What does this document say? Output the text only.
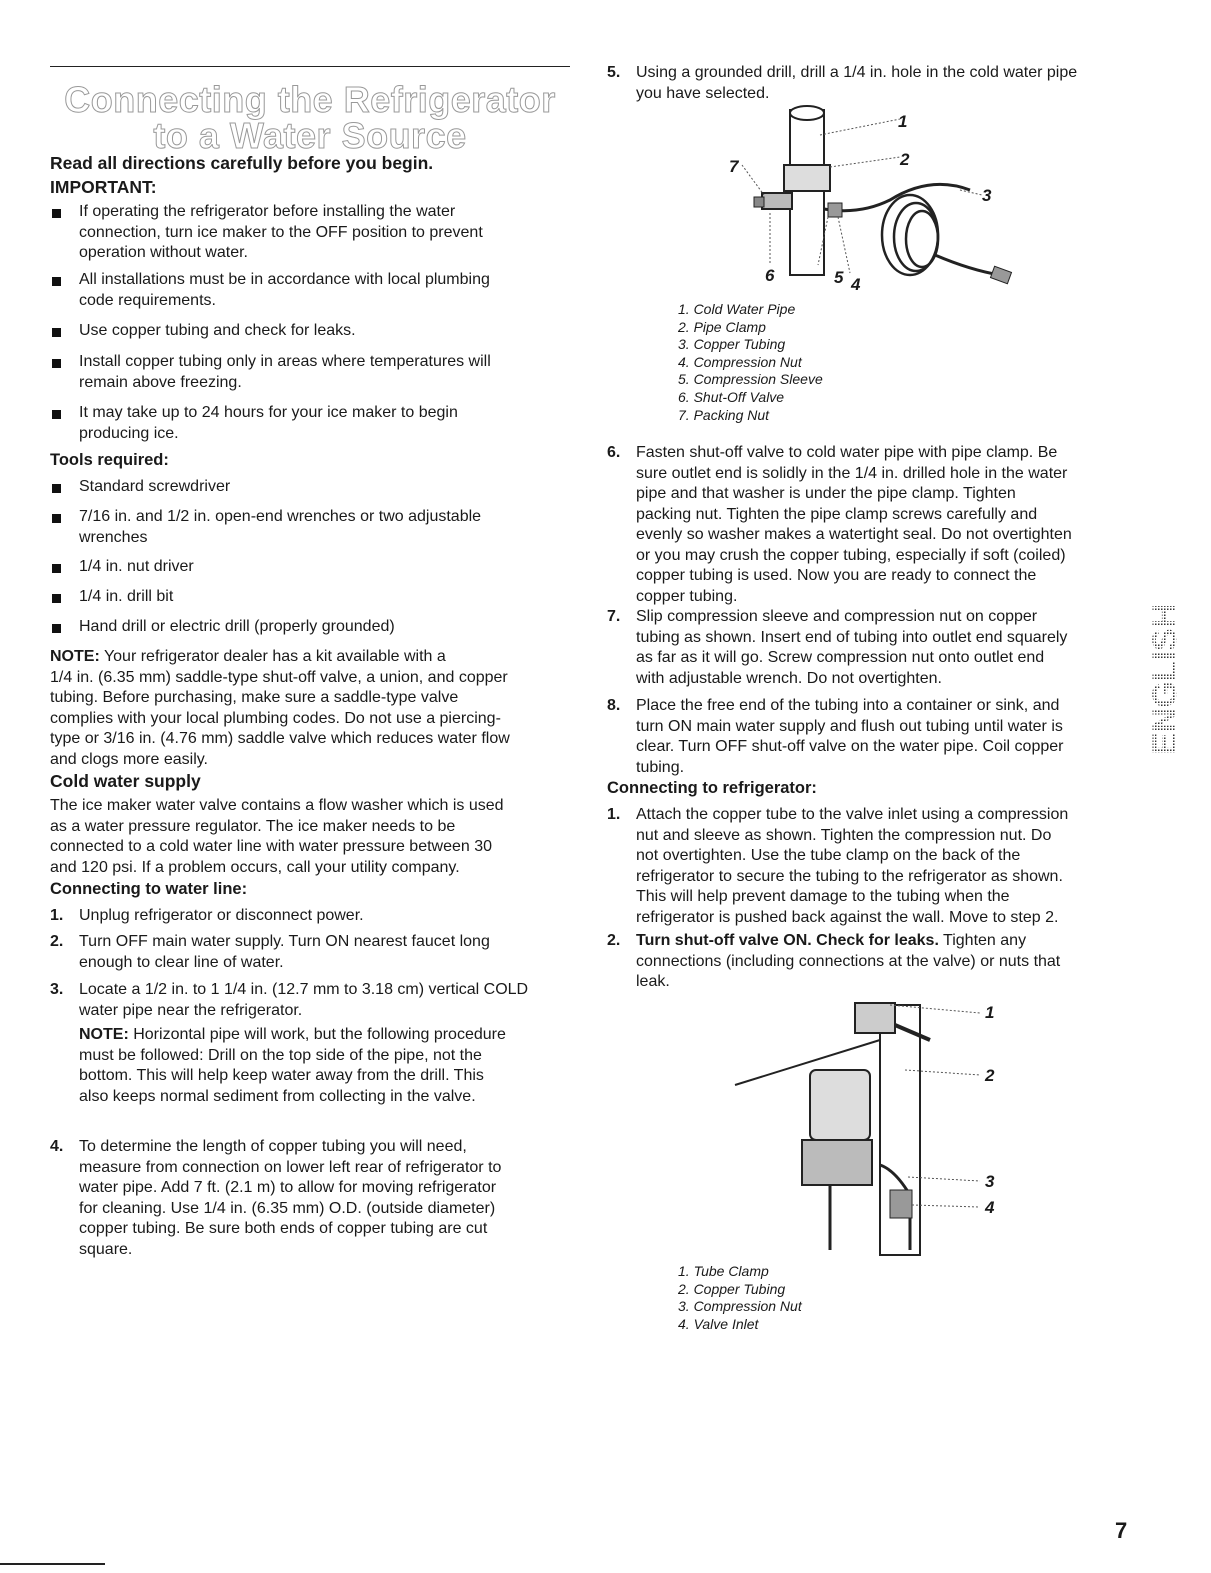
Connecting the Refrigerator
to a Water Source
Read all directions carefully before you begin.
IMPORTANT:
If operating the refrigerator before installing the water
connection, turn ice maker to the OFF position to prevent
operation without water.
All installations must be in accordance with local plumbing
code requirements.
Use copper tubing and check for leaks.
Install copper tubing only in areas where temperatures will
remain above freezing.
It may take up to 24 hours for your ice maker to begin
producing ice.
Tools required:
Standard screwdriver
7/16 in. and 1/2 in. open-end wrenches or two adjustable
wrenches
1/4 in. nut driver
1/4 in. drill bit
Hand drill or electric drill (properly grounded)
NOTE: Your refrigerator dealer has a kit available with a
1/4 in. (6.35 mm) saddle-type shut-off valve, a union, and copper
tubing. Before purchasing, make sure a saddle-type valve
complies with your local plumbing codes. Do not use a piercing-
type or 3/16 in. (4.76 mm) saddle valve which reduces water flow
and clogs more easily.
Cold water supply
The ice maker water valve contains a flow washer which is used
as a water pressure regulator. The ice maker needs to be
connected to a cold water line with water pressure between 30
and 120 psi. If a problem occurs, call your utility company.
Connecting to water line:
1. Unplug refrigerator or disconnect power.
2. Turn OFF main water supply. Turn ON nearest faucet long
enough to clear line of water.
3. Locate a 1/2 in. to 1 1/4 in. (12.7 mm to 3.18 cm) vertical COLD
water pipe near the refrigerator.
4. To determine the length of copper tubing you will need,
measure from connection on lower left rear of refrigerator to
water pipe. Add 7 ft. (2.1 m) to allow for moving refrigerator
for cleaning. Use 1/4 in. (6.35 mm) O.D. (outside diameter)
copper tubing. Be sure both ends of copper tubing are cut
square.
NOTE: Horizontal pipe will work, but the following procedure
must be followed: Drill on the top side of the pipe, not the
bottom. This will help keep water away from the drill. This
also keeps normal sediment from collecting in the valve.
5. Using a grounded drill, drill a 1/4 in. hole in the cold water pipe
you have selected.
1
2
3
4
5
6
7
1. Cold Water Pipe
2. Pipe Clamp
3. Copper Tubing
4. Compression Nut
5. Compression Sleeve
6. Shut-Off Valve
7. Packing Nut
6. Fasten shut-off valve to cold water pipe with pipe clamp. Be
sure outlet end is solidly in the 1/4 in. drilled hole in the water
pipe and that washer is under the pipe clamp. Tighten
packing nut. Tighten the pipe clamp screws carefully and
evenly so washer makes a watertight seal. Do not overtighten
or you may crush the copper tubing, especially if soft (coiled)
copper tubing is used. Now you are ready to connect the
copper tubing.
7. Slip compression sleeve and compression nut on copper
tubing as shown. Insert end of tubing into outlet end squarely
as far as it will go. Screw compression nut onto outlet end
with adjustable wrench. Do not overtighten.
8. Place the free end of the tubing into a container or sink, and
turn ON main water supply and flush out tubing until water is
clear. Turn OFF shut-off valve on the water pipe. Coil copper
tubing.
Connecting to refrigerator:
1. Attach the copper tube to the valve inlet using a compression
nut and sleeve as shown. Tighten the compression nut. Do
not overtighten. Use the tube clamp on the back of the
refrigerator to secure the tubing to the refrigerator as shown.
This will help prevent damage to the tubing when the
refrigerator is pushed back against the wall. Move to step 2.
2. Turn shut-off valve ON. Check for leaks. Tighten any
connections (including connections at the valve) or nuts that
leak.
1
2
3
4
1. Tube Clamp
2. Copper Tubing
3. Compression Nut
4. Valve Inlet
ENGLISH
7
